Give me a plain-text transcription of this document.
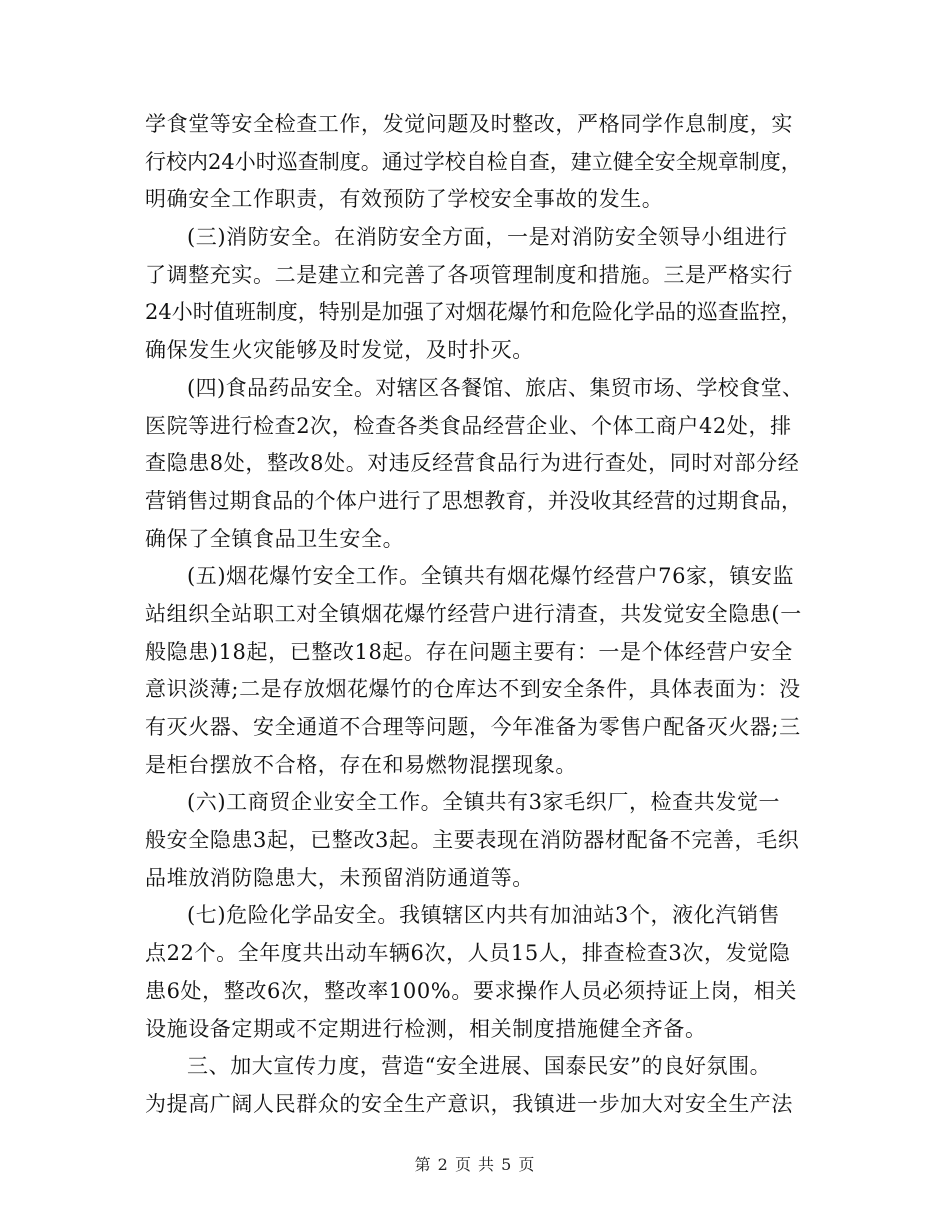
学食堂等安全检查工作，发觉问题及时整改，严格同学作息制度，实
行校内24小时巡查制度。通过学校自检自查，建立健全安全规章制度，
明确安全工作职责，有效预防了学校安全事故的发生。
(三)消防安全。在消防安全方面，一是对消防安全领导小组进行
了调整充实。二是建立和完善了各项管理制度和措施。三是严格实行
24小时值班制度，特别是加强了对烟花爆竹和危险化学品的巡查监控，
确保发生火灾能够及时发觉，及时扑灭。
(四)食品药品安全。对辖区各餐馆、旅店、集贸市场、学校食堂、
医院等进行检查2次，检查各类食品经营企业、个体工商户42处，排
查隐患8处，整改8处。对违反经营食品行为进行查处，同时对部分经
营销售过期食品的个体户进行了思想教育，并没收其经营的过期食品，
确保了全镇食品卫生安全。
(五)烟花爆竹安全工作。全镇共有烟花爆竹经营户76家，镇安监
站组织全站职工对全镇烟花爆竹经营户进行清查，共发觉安全隐患(一
般隐患)18起，已整改18起。存在问题主要有：一是个体经营户安全
意识淡薄;二是存放烟花爆竹的仓库达不到安全条件，具体表面为：没
有灭火器、安全通道不合理等问题，今年准备为零售户配备灭火器;三
是柜台摆放不合格，存在和易燃物混摆现象。
(六)工商贸企业安全工作。全镇共有3家毛织厂，检查共发觉一
般安全隐患3起，已整改3起。主要表现在消防器材配备不完善，毛织
品堆放消防隐患大，未预留消防通道等。
(七)危险化学品安全。我镇辖区内共有加油站3个，液化汽销售
点22个。全年度共出动车辆6次，人员15人，排查检查3次，发觉隐
患6处，整改6次，整改率100%。要求操作人员必须持证上岗，相关
设施设备定期或不定期进行检测，相关制度措施健全齐备。
三、加大宣传力度，营造“安全进展、国泰民安”的良好氛围。
为提高广阔人民群众的安全生产意识，我镇进一步加大对安全生产法
第 2 页 共 5 页
